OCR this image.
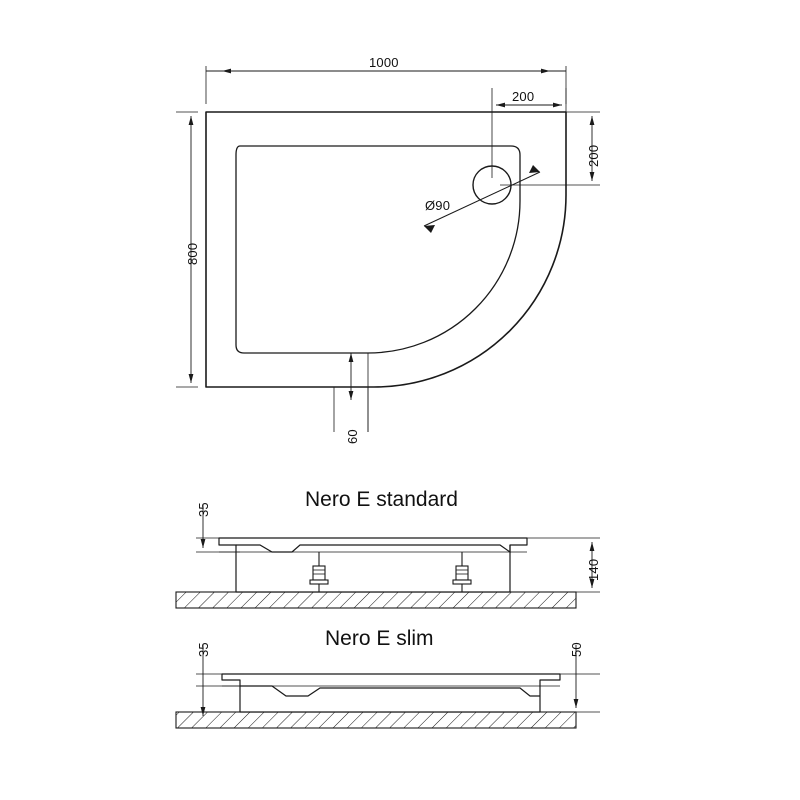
1000
200
200
800
Ø90
60
Nero E standard
35
140
Nero E slim
35	50
